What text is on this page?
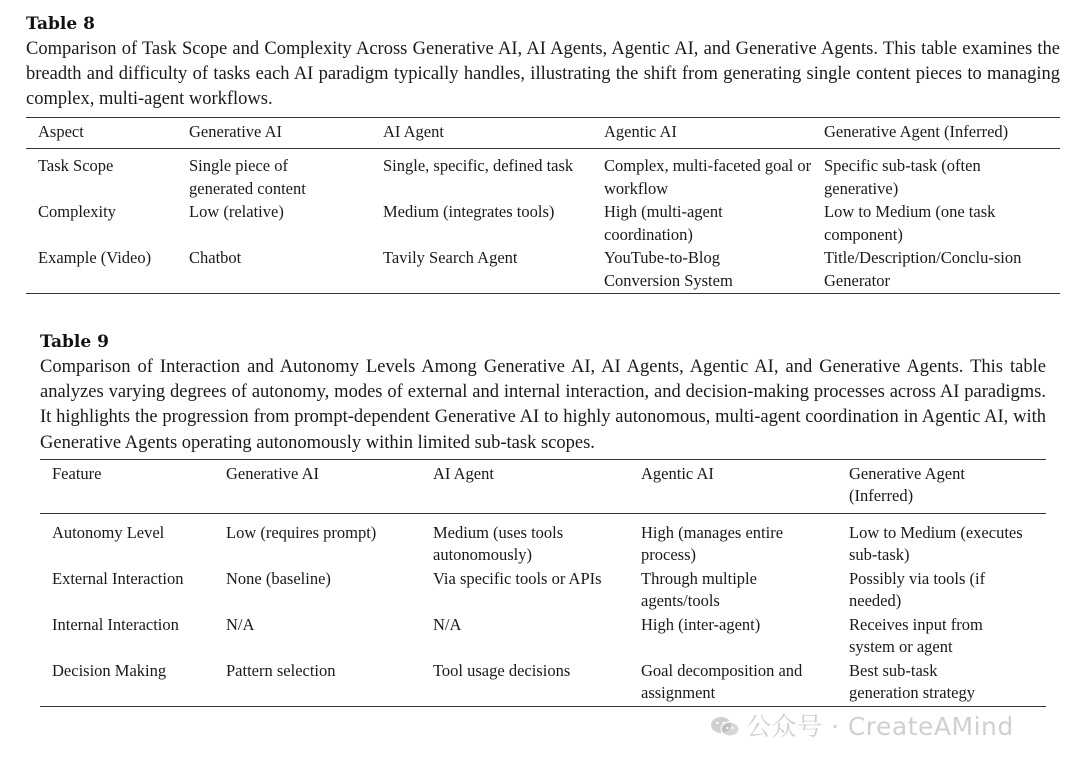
Table 8
Comparison of Task Scope and Complexity Across Generative AI, AI Agents, Agentic AI, and Generative Agents. This table examines the breadth and difficulty of tasks each AI paradigm typically handles, illustrating the shift from generating single content pieces to managing complex, multi-agent workflows.
Aspect	Generative AI	AI Agent	Agentic AI	Generative Agent (Inferred)
Task Scope	Single piece of generated content	Single, specific, defined task	Complex, multi-faceted goal or workflow	Specific sub-task (often generative)
Complexity	Low (relative)	Medium (integrates tools)	High (multi-agent coordination)	Low to Medium (one task component)
Example (Video)	Chatbot	Tavily Search Agent	YouTube-to-Blog Conversion System	Title/Description/Conclu-sion Generator
Table 9
Comparison of Interaction and Autonomy Levels Among Generative AI, AI Agents, Agentic AI, and Generative Agents. This table analyzes varying degrees of autonomy, modes of external and internal interaction, and decision-making processes across AI paradigms. It highlights the progression from prompt-dependent Generative AI to highly autonomous, multi-agent coordination in Agentic AI, with Generative Agents operating autonomously within limited sub-task scopes.
Feature	Generative AI	AI Agent	Agentic AI	Generative Agent (Inferred)
Autonomy Level	Low (requires prompt)	Medium (uses tools autonomously)	High (manages entire process)	Low to Medium (executes sub-task)
External Interaction	None (baseline)	Via specific tools or APIs	Through multiple agents/tools	Possibly via tools (if needed)
Internal Interaction	N/A	N/A	High (inter-agent)	Receives input from system or agent
Decision Making	Pattern selection	Tool usage decisions	Goal decomposition and assignment	Best sub-task generation strategy
公众号 · CreateAMind
